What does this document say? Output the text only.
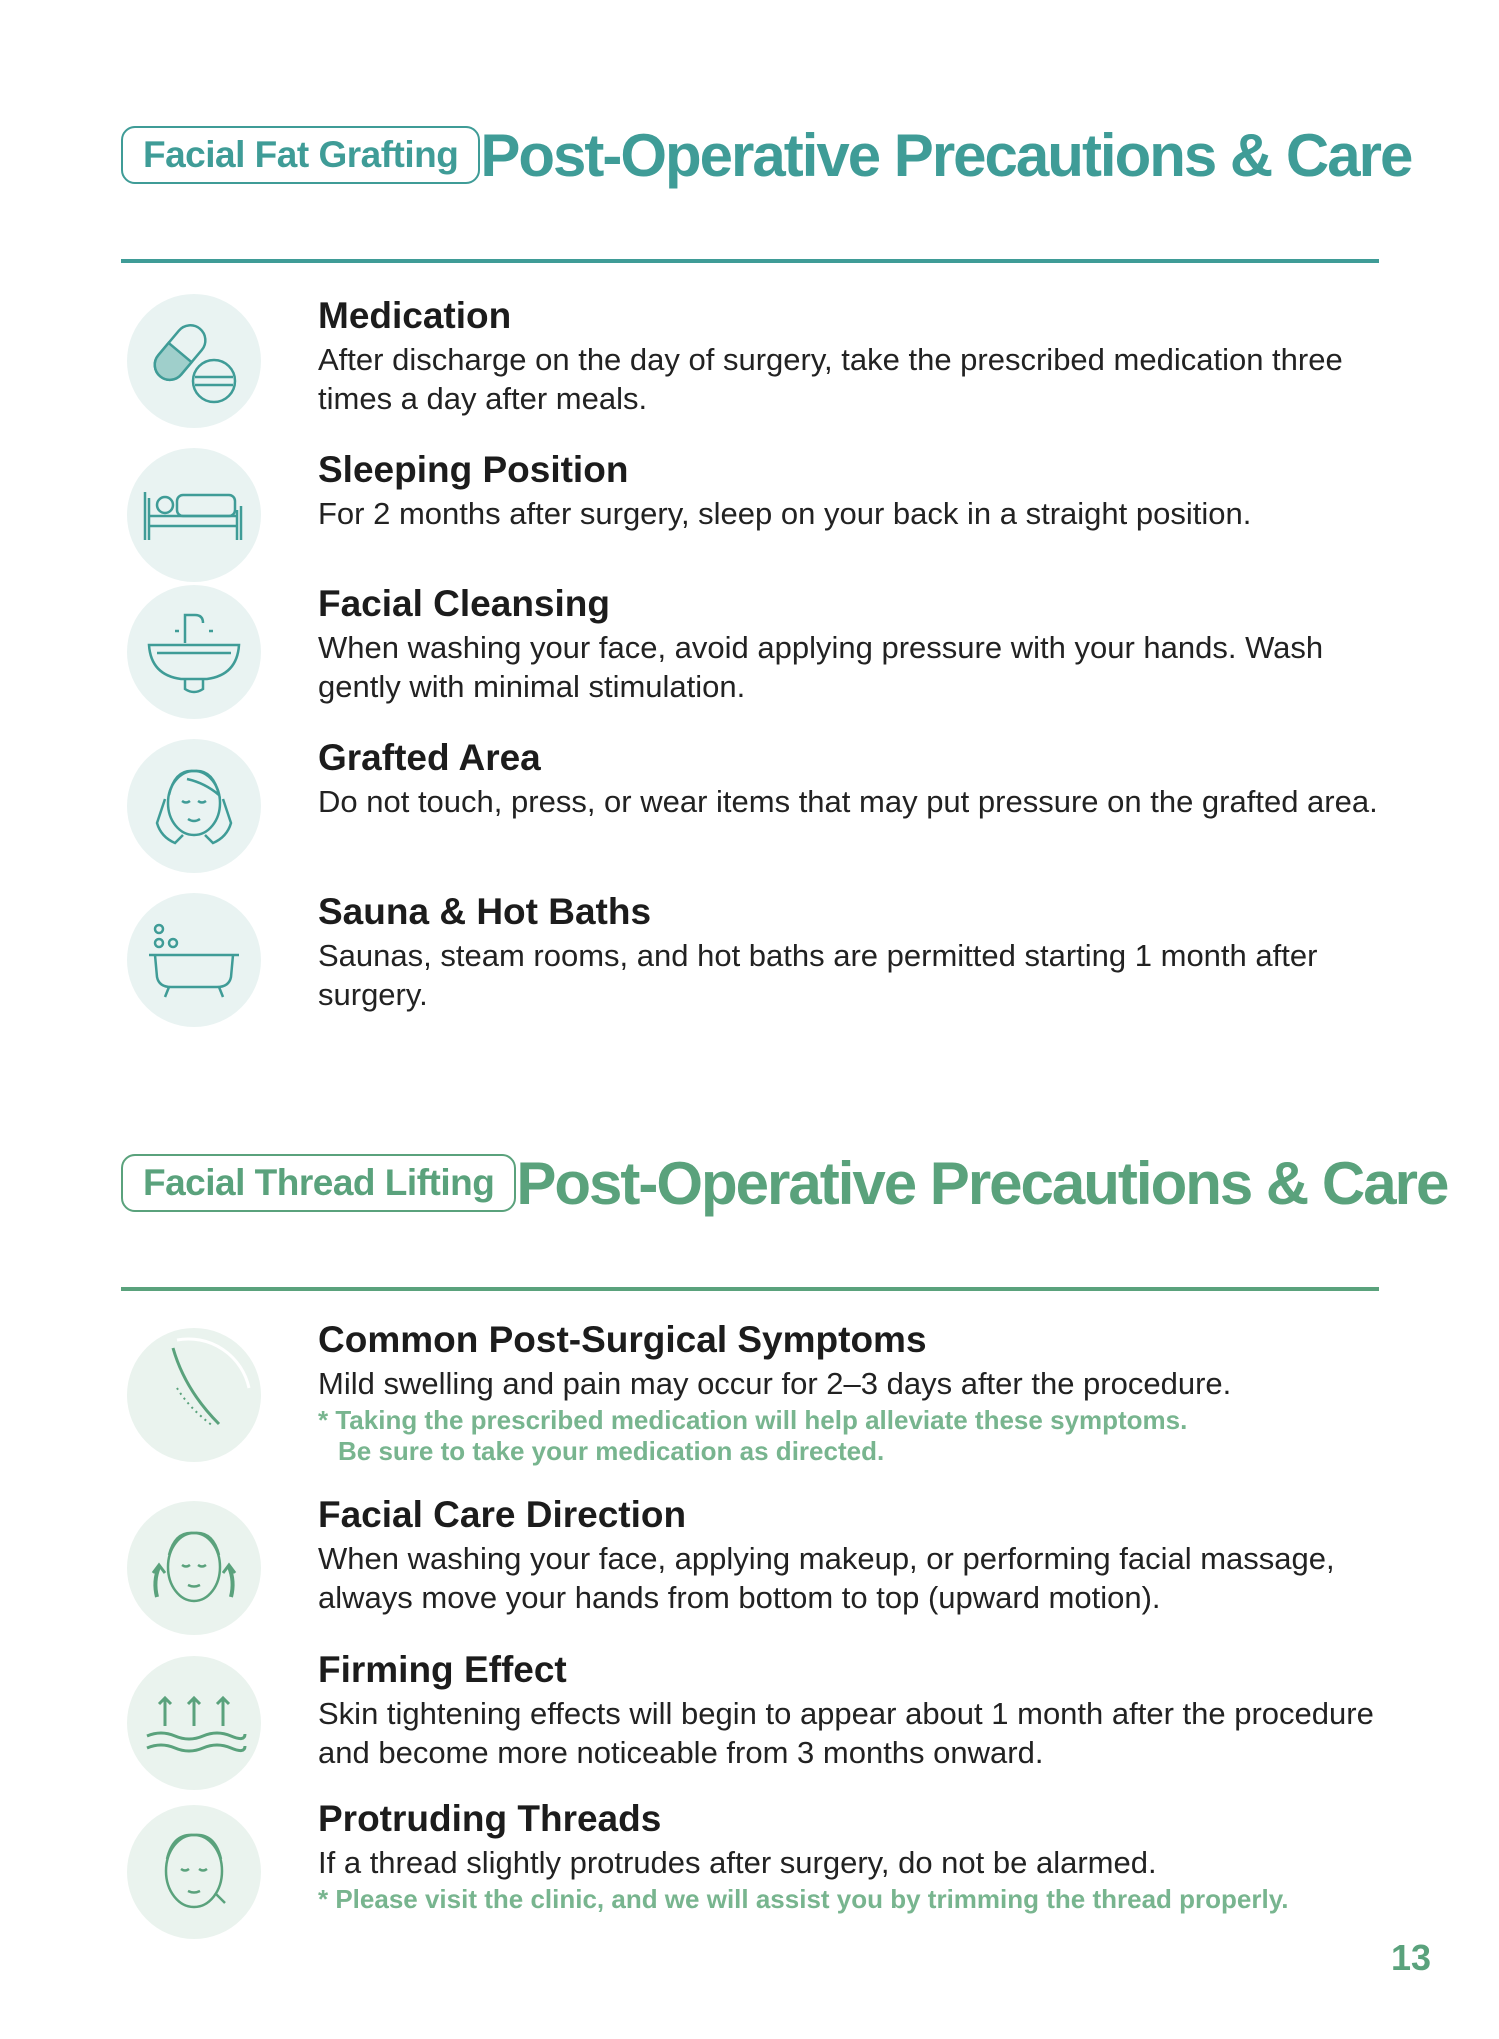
Facial Fat Grafting Post-Operative Precautions & Care
Medication
After discharge on the day of surgery, take the prescribed medication three times a day after meals.
Sleeping Position
For 2 months after surgery, sleep on your back in a straight position.
Facial Cleansing
When washing your face, avoid applying pressure with your hands. Wash gently with minimal stimulation.
Grafted Area
Do not touch, press, or wear items that may put pressure on the grafted area.
Sauna & Hot Baths
Saunas, steam rooms, and hot baths are permitted starting 1 month after surgery.
Facial Thread Lifting Post-Operative Precautions & Care
Common Post-Surgical Symptoms
Mild swelling and pain may occur for 2–3 days after the procedure.
* Taking the prescribed medication will help alleviate these symptoms.
Be sure to take your medication as directed.
Facial Care Direction
When washing your face, applying makeup, or performing facial massage, always move your hands from bottom to top (upward motion).
Firming Effect
Skin tightening effects will begin to appear about 1 month after the procedure and become more noticeable from 3 months onward.
Protruding Threads
If a thread slightly protrudes after surgery, do not be alarmed.
* Please visit the clinic, and we will assist you by trimming the thread properly.
13
